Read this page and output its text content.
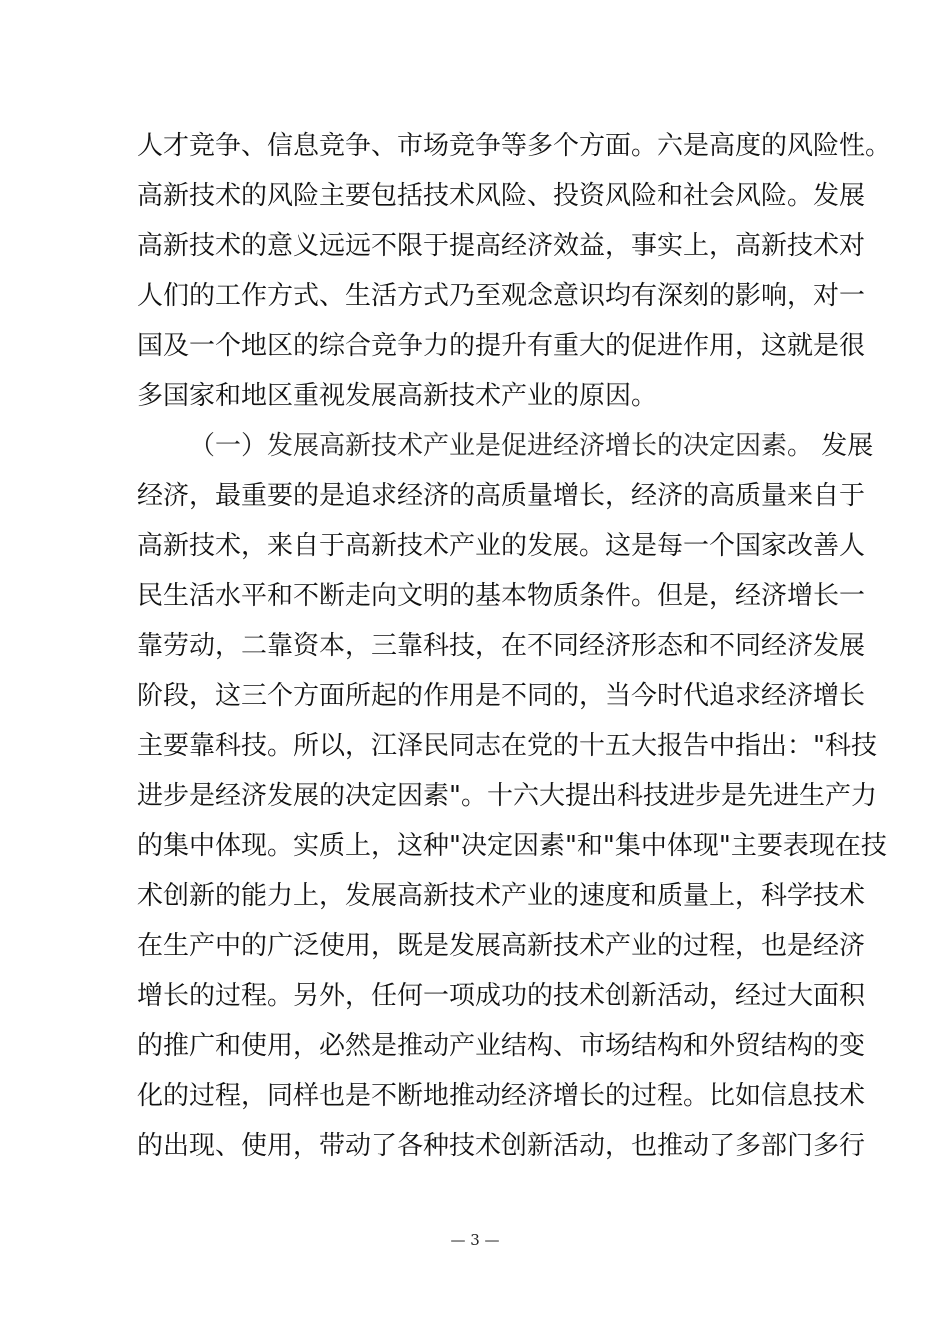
人才竞争、信息竞争、市场竞争等多个方面。六是高度的风险性。
高新技术的风险主要包括技术风险、投资风险和社会风险。发展
高新技术的意义远远不限于提高经济效益，事实上，高新技术对
人们的工作方式、生活方式乃至观念意识均有深刻的影响，对一
国及一个地区的综合竞争力的提升有重大的促进作用，这就是很
多国家和地区重视发展高新技术产业的原因。
（一）发展高新技术产业是促进经济增长的决定因素。 发展
经济，最重要的是追求经济的高质量增长，经济的高质量来自于
高新技术，来自于高新技术产业的发展。这是每一个国家改善人
民生活水平和不断走向文明的基本物质条件。但是，经济增长一
靠劳动，二靠资本，三靠科技，在不同经济形态和不同经济发展
阶段，这三个方面所起的作用是不同的，当今时代追求经济增长
主要靠科技。所以，江泽民同志在党的十五大报告中指出："科技
进步是经济发展的决定因素"。十六大提出科技进步是先进生产力
的集中体现。实质上，这种"决定因素"和"集中体现"主要表现在技
术创新的能力上，发展高新技术产业的速度和质量上，科学技术
在生产中的广泛使用，既是发展高新技术产业的过程，也是经济
增长的过程。另外，任何一项成功的技术创新活动，经过大面积
的推广和使用，必然是推动产业结构、市场结构和外贸结构的变
化的过程，同样也是不断地推动经济增长的过程。比如信息技术
的出现、使用，带动了各种技术创新活动，也推动了多部门多行
— 3 —
